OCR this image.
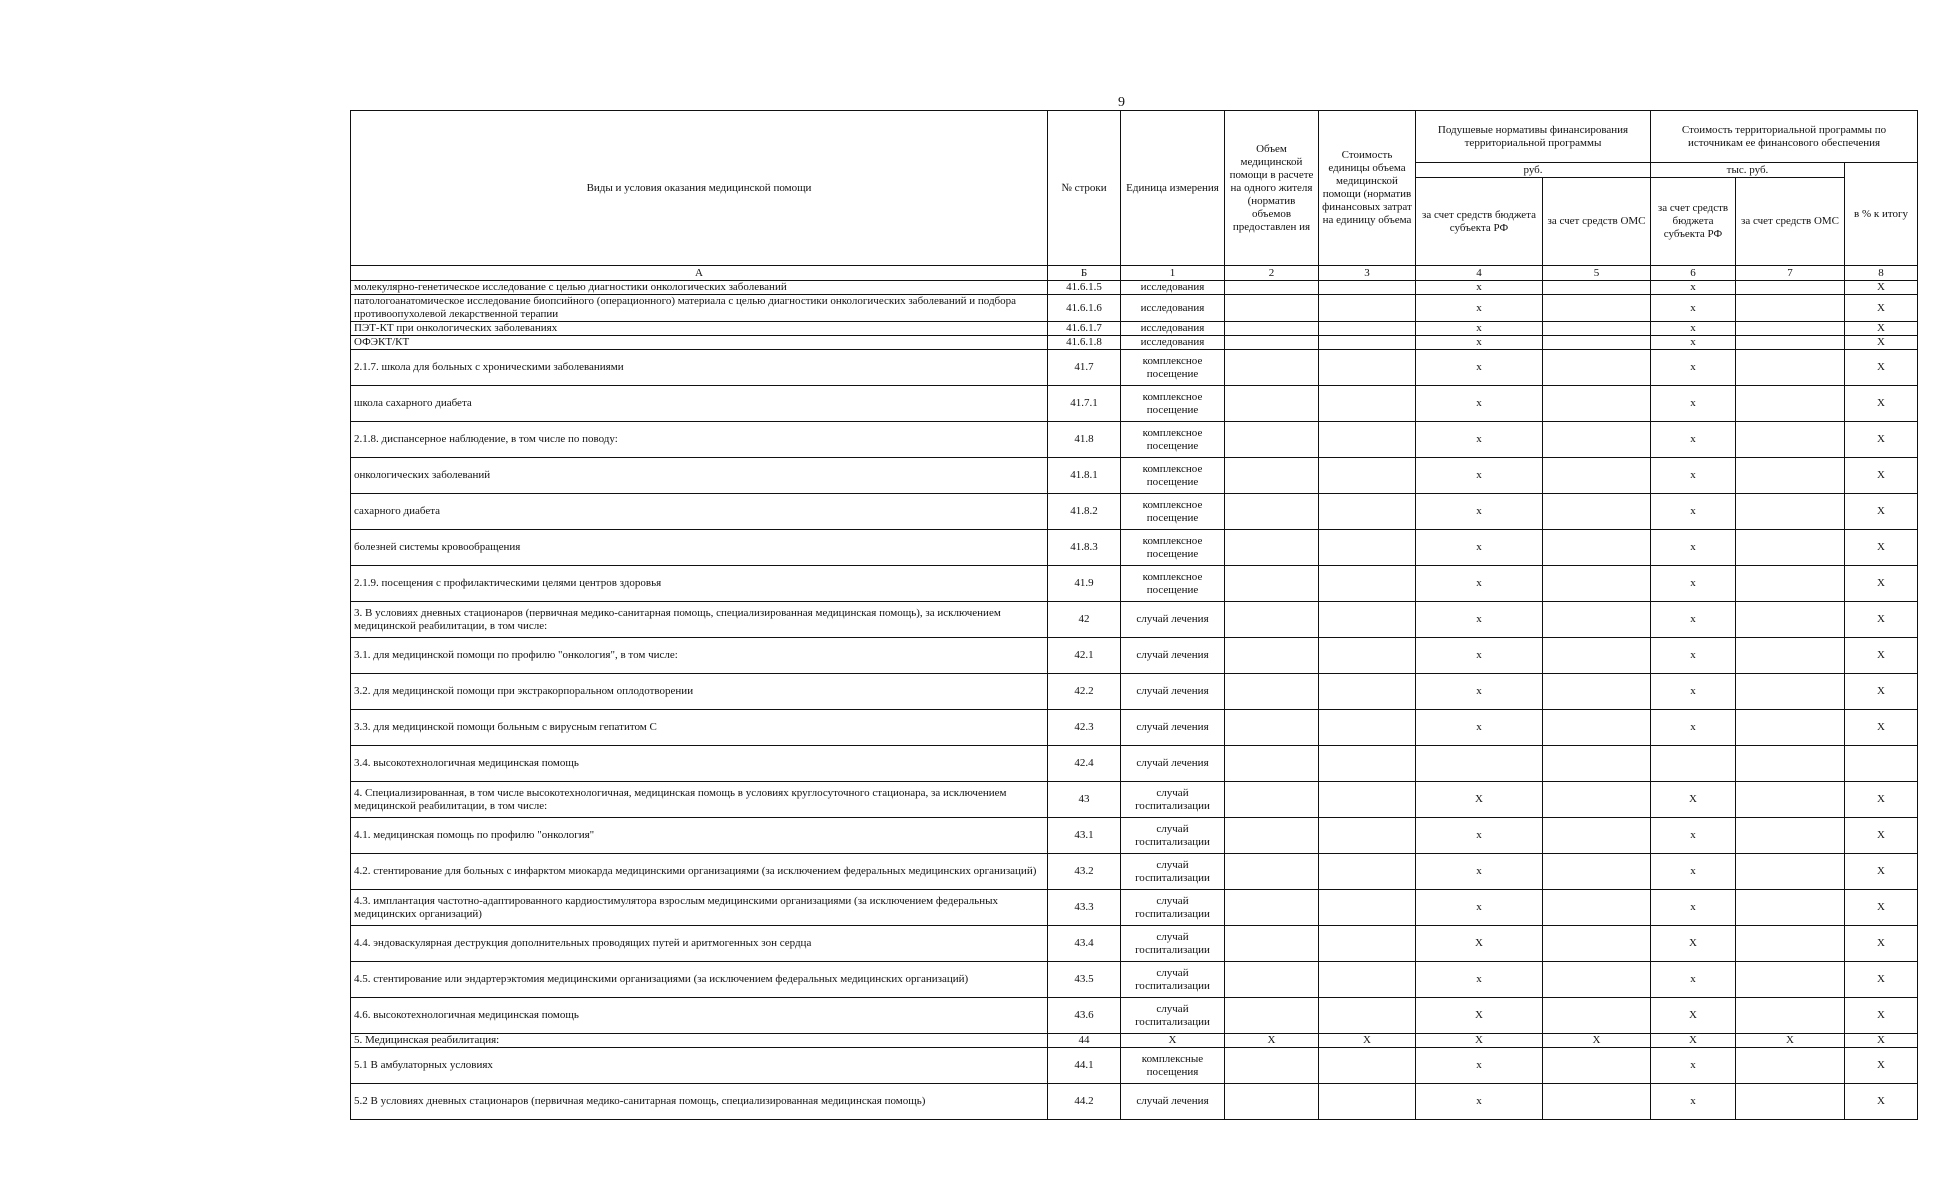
9
Виды и условия оказания медицинской помощи	№ строки	Единица измерения	Объем медицинской помощи в расчете на одного жителя (норматив объемов предоставлен ия	Стоимость единицы объема медицинской помощи (норматив финансовых затрат на единицу объема	Подушевые нормативы финансирования территориальной программы		Стоимость территориальной программы по источникам ее финансового обеспечения		
					руб.		тыс. руб.		в % к итогу
					за счет средств бюджета субъекта РФ	за счет средств ОМС	за счет средств бюджета субъекта РФ	за счет средств ОМС	
А	Б	1	2	3	4	5	6	7	8
молекулярно-генетическое исследование с целью диагностики онкологических заболеваний	41.6.1.5	исследования			x		x		X
патологоанатомическое исследование биопсийного (операционного) материала с целью диагностики онкологических заболеваний и подбора противоопухолевой лекарственной терапии	41.6.1.6	исследования			x		x		X
ПЭТ-КТ при онкологических заболеваниях	41.6.1.7	исследования			x		x		X
ОФЭКТ/КТ	41.6.1.8	исследования			x		x		X
2.1.7. школа для больных с хроническими заболеваниями	41.7	комплексное посещение			x		x		X
школа сахарного диабета	41.7.1	комплексное посещение			x		x		X
2.1.8. диспансерное наблюдение, в том числе по поводу:	41.8	комплексное посещение			x		x		X
онкологических заболеваний	41.8.1	комплексное посещение			x		x		X
сахарного диабета	41.8.2	комплексное посещение			x		x		X
болезней системы кровообращения	41.8.3	комплексное посещение			x		x		X
2.1.9. посещения с профилактическими целями центров здоровья	41.9	комплексное посещение			x		x		X
3. В условиях дневных стационаров (первичная медико-санитарная помощь, специализированная медицинская помощь), за исключением медицинской реабилитации, в том числе:	42	случай лечения			x		x		X
3.1. для медицинской помощи по профилю "онкология", в том числе:	42.1	случай лечения			x		x		X
3.2. для медицинской помощи при экстракорпоральном оплодотворении	42.2	случай лечения			x		x		X
3.3. для медицинской помощи больным с вирусным гепатитом С	42.3	случай лечения			x		x		X
3.4. высокотехнологичная медицинская помощь	42.4	случай лечения							
4. Специализированная, в том числе высокотехнологичная, медицинская помощь в условиях круглосуточного стационара, за исключением медицинской реабилитации, в том числе:	43	случай госпитализации			X		X		X
4.1. медицинская помощь по профилю "онкология"	43.1	случай госпитализации			x		x		X
4.2. стентирование для больных с инфарктом миокарда медицинскими организациями (за исключением федеральных медицинских организаций)	43.2	случай госпитализации			x		x		X
4.3. имплантация частотно-адаптированного кардиостимулятора взрослым медицинскими организациями (за исключением федеральных медицинских организаций)	43.3	случай госпитализации			x		x		X
4.4. эндоваскулярная деструкция дополнительных проводящих путей и аритмогенных зон сердца	43.4	случай госпитализации			X		X		X
4.5. стентирование или эндартерэктомия медицинскими организациями (за исключением федеральных медицинских организаций)	43.5	случай госпитализации			x		x		X
4.6. высокотехнологичная медицинская помощь	43.6	случай госпитализации			X		X		X
5. Медицинская реабилитация:	44	X	X	X	X	X	X	X	X
5.1 В амбулаторных условиях	44.1	комплексные посещения			x		x		X
5.2 В условиях дневных стационаров (первичная медико-санитарная помощь, специализированная медицинская помощь)	44.2	случай лечения			x		x		X
